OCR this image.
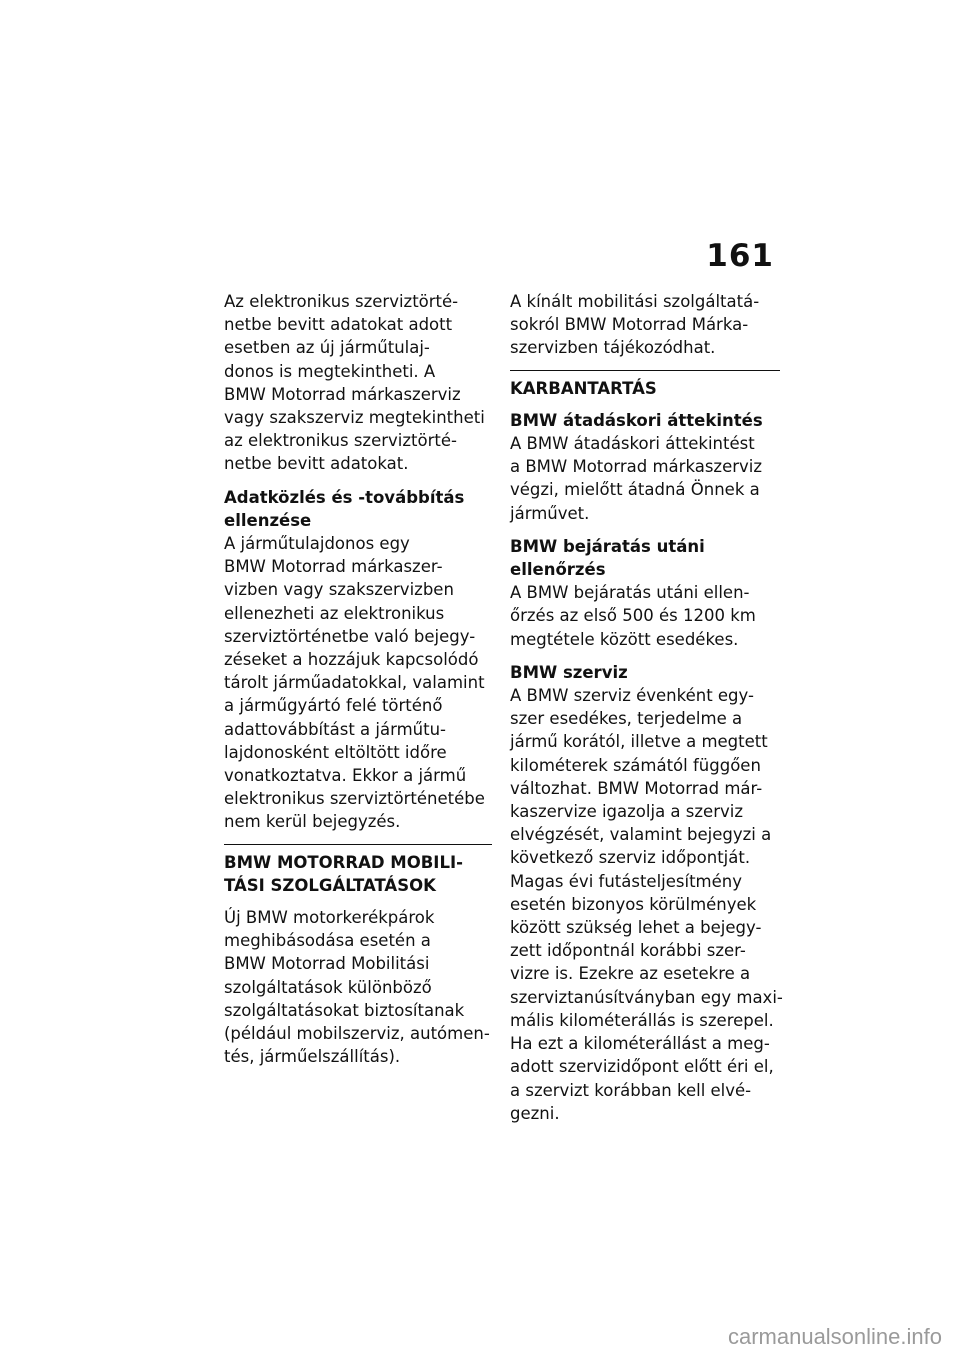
161
Az elektronikus szerviztörté-
netbe bevitt adatokat adott
esetben az új járműtulaj-
donos is megtekintheti. A
BMW Motorrad márkaszerviz
vagy szakszerviz megtekintheti
az elektronikus szerviztörté-
netbe bevitt adatokat.
Adatközlés és -továbbítás
ellenzése
A járműtulajdonos egy
BMW Motorrad márkaszer-
vizben vagy szakszervizben
ellenezheti az elektronikus
szerviztörténetbe való bejegy-
zéseket a hozzájuk kapcsolódó
tárolt járműadatokkal, valamint
a járműgyártó felé történő
adattovábbítást a járműtu-
lajdonosként eltöltött időre
vonatkoztatva. Ekkor a jármű
elektronikus szerviztörténetébe
nem kerül bejegyzés.
BMW MOTORRAD MOBILI-
TÁSI SZOLGÁLTATÁSOK
Új BMW motorkerékpárok
meghibásodása esetén a
BMW Motorrad Mobilitási
szolgáltatások különböző
szolgáltatásokat biztosítanak
(például mobilszerviz, autómen-
tés, járműelszállítás).
A kínált mobilitási szolgáltatá-
sokról BMW Motorrad Márka-
szervizben tájékozódhat.
KARBANTARTÁS
BMW átadáskori áttekintés
A BMW átadáskori áttekintést
a BMW Motorrad márkaszerviz
végzi, mielőtt átadná Önnek a
járművet.
BMW bejáratás utáni
ellenőrzés
A BMW bejáratás utáni ellen-
őrzés az első 500 és 1200 km
megtétele között esedékes.
BMW szerviz
A BMW szerviz évenként egy-
szer esedékes, terjedelme a
jármű korától, illetve a megtett
kilométerek számától függően
változhat. BMW Motorrad már-
kaszervize igazolja a szerviz
elvégzését, valamint bejegyzi a
következő szerviz időpontját.
Magas évi futásteljesítmény
esetén bizonyos körülmények
között szükség lehet a bejegy-
zett időpontnál korábbi szer-
vizre is. Ezekre az esetekre a
szerviztanúsítványban egy maxi-
mális kilométerállás is szerepel.
Ha ezt a kilométerállást a meg-
adott szervizidőpont előtt éri el,
a szervizt korábban kell elvé-
gezni.
carmanualsonline.info
